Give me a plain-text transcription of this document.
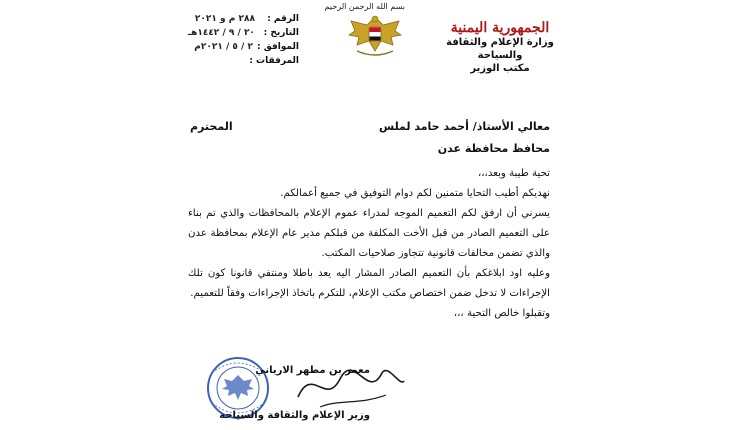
الجمهورية اليمنية
وزارة الإعلام والثقافة والسياحة
مكتب الوزير
بسم الله الرحمن الرحيم
الرقم :
٢٨٨ م و ٢٠٢١
التاريخ :
٢٠ / ٩ / ١٤٤٢هـ
الموافق :
٢ / ٥ / ٢٠٢١م
المرفقات :
معالي الأستاذ/ أحمد حامد لملس
المحترم
محافظ محافظة عدن

تحية طيبة وبعد،،،

نهديكم أطيب التحايا متمنين لكم دوام التوفيق في جميع أعمالكم.

يسرني أن ارفق لكم التعميم الموجه لمدراء عموم الإعلام بالمحافظات والذي تم بناء على التعميم الصادر من قبل الأخت المكلفة من قبلكم مدير عام الإعلام بمحافظة عدن والذي تضمن مخالفات قانونية تتجاوز صلاحيات المكتب.

وعليه اود ابلاغكم بأن التعميم الصادر المشار اليه يعد باطلا ومنتفي قانونا كون تلك الإجراءات لا تدخل ضمن اختصاص مكتب الإعلام، للتكرم باتخاذ الإجراءات وفقاً للتعميم.

وتقبلوا خالص التحية ،،،

معمر بن مطهر الارياني
وزير الإعلام والثقافة والسياحة
